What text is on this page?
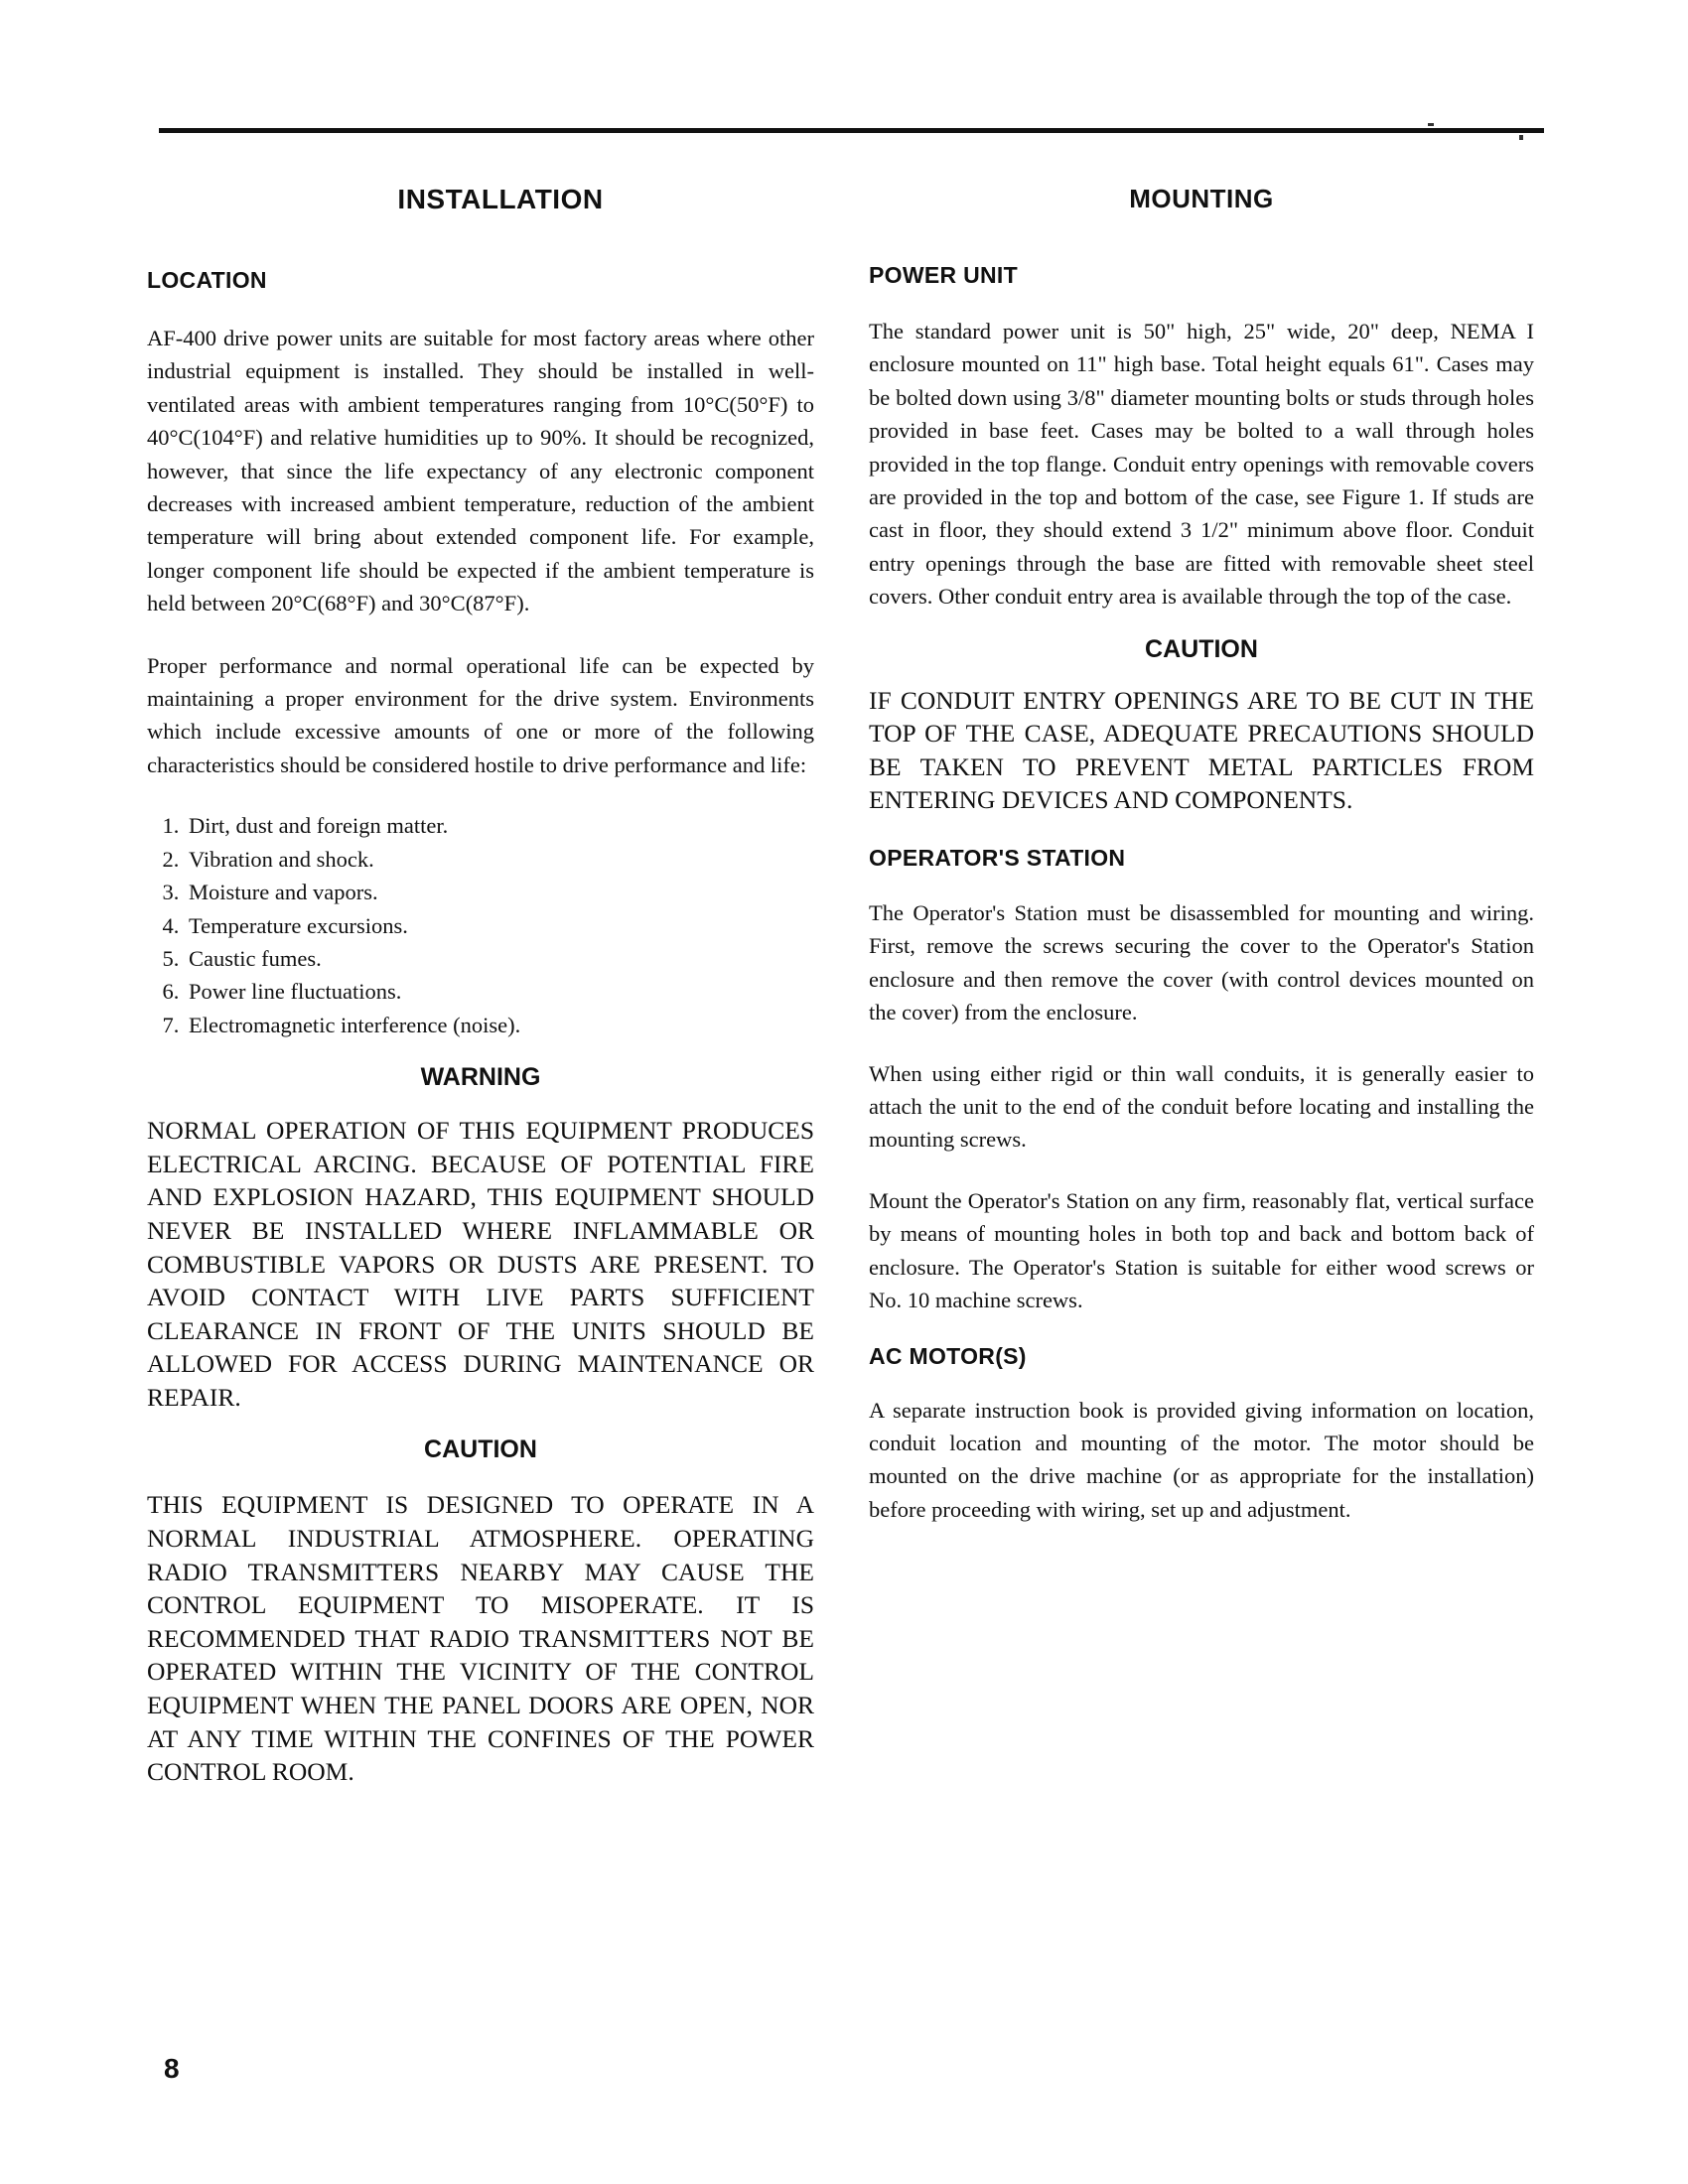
INSTALLATION
LOCATION

AF-400 drive power units are suitable for most factory areas where other industrial equipment is installed. They should be installed in well-ventilated areas with ambient temperatures ranging from 10°C(50°F) to 40°C(104°F) and relative humidities up to 90%. It should be recognized, however, that since the life expectancy of any electronic component decreases with increased ambient temperature, reduction of the ambient temperature will bring about extended component life. For example, longer component life should be expected if the ambient temperature is held between 20°C(68°F) and 30°C(87°F).

Proper performance and normal operational life can be expected by maintaining a proper environment for the drive system. Environments which include excessive amounts of one or more of the following characteristics should be considered hostile to drive performance and life:

1. Dirt, dust and foreign matter.
2. Vibration and shock.
3. Moisture and vapors.
4. Temperature excursions.
5. Caustic fumes.
6. Power line fluctuations.
7. Electromagnetic interference (noise).
WARNING

NORMAL OPERATION OF THIS EQUIPMENT PRODUCES ELECTRICAL ARCING. BECAUSE OF POTENTIAL FIRE AND EXPLOSION HAZARD, THIS EQUIPMENT SHOULD NEVER BE INSTALLED WHERE INFLAMMABLE OR COMBUSTIBLE VAPORS OR DUSTS ARE PRESENT. TO AVOID CONTACT WITH LIVE PARTS SUFFICIENT CLEARANCE IN FRONT OF THE UNITS SHOULD BE ALLOWED FOR ACCESS DURING MAINTENANCE OR REPAIR.

CAUTION

THIS EQUIPMENT IS DESIGNED TO OPERATE IN A NORMAL INDUSTRIAL ATMOSPHERE. OPERATING RADIO TRANSMITTERS NEARBY MAY CAUSE THE CONTROL EQUIPMENT TO MISOPERATE. IT IS RECOMMENDED THAT RADIO TRANSMITTERS NOT BE OPERATED WITHIN THE VICINITY OF THE CONTROL EQUIPMENT WHEN THE PANEL DOORS ARE OPEN, NOR AT ANY TIME WITHIN THE CONFINES OF THE POWER CONTROL ROOM.

MOUNTING
POWER UNIT

The standard power unit is 50" high, 25" wide, 20" deep, NEMA I enclosure mounted on 11" high base. Total height equals 61". Cases may be bolted down using 3/8" diameter mounting bolts or studs through holes provided in base feet. Cases may be bolted to a wall through holes provided in the top flange. Conduit entry openings with removable covers are provided in the top and bottom of the case, see Figure 1. If studs are cast in floor, they should extend 3 1/2" minimum above floor. Conduit entry openings through the base are fitted with removable sheet steel covers. Other conduit entry area is available through the top of the case.

CAUTION

IF CONDUIT ENTRY OPENINGS ARE TO BE CUT IN THE TOP OF THE CASE, ADEQUATE PRECAUTIONS SHOULD BE TAKEN TO PREVENT METAL PARTICLES FROM ENTERING DEVICES AND COMPONENTS.

OPERATOR'S STATION

The Operator's Station must be disassembled for mounting and wiring. First, remove the screws securing the cover to the Operator's Station enclosure and then remove the cover (with control devices mounted on the cover) from the enclosure.

When using either rigid or thin wall conduits, it is generally easier to attach the unit to the end of the conduit before locating and installing the mounting screws.

Mount the Operator's Station on any firm, reasonably flat, vertical surface by means of mounting holes in both top and back and bottom back of enclosure. The Operator's Station is suitable for either wood screws or No. 10 machine screws.

AC MOTOR(S)

A separate instruction book is provided giving information on location, conduit location and mounting of the motor. The motor should be mounted on the drive machine (or as appropriate for the installation) before proceeding with wiring, set up and adjustment.

8
